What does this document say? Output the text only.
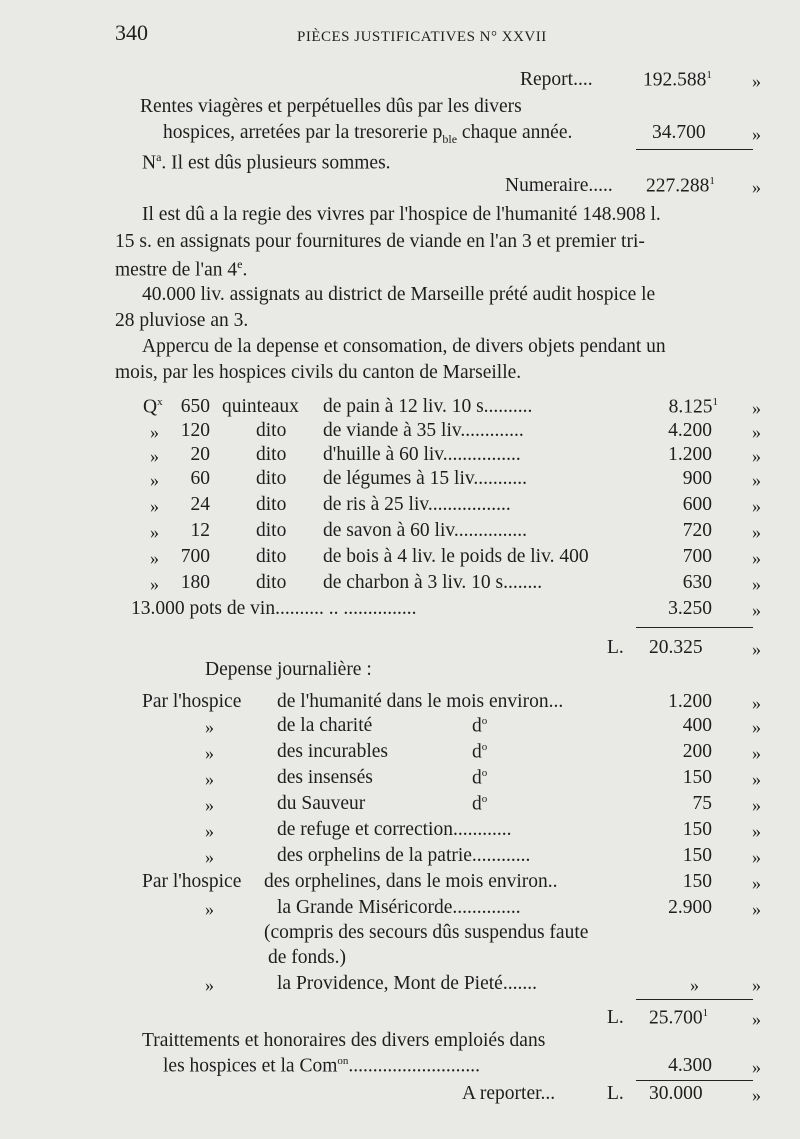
340	PIÈCES JUSTIFICATIVES N° XXVII
Report....	192.588$^1$ »
Rentes viagères et perpétuelles dûs par les divers
hospices, arretées par la tresorerie $p_{ble}$ chaque année.	34.700	»
$N^a$. Il est dûs plusieurs sommes.
Numeraire..... 227.288$^1$ »
Il est dû a la regie des vivres par l'hospice de l'humanité 148.908 l.
15 s. en assignats pour fournitures de viande en l'an 3 et premier tri-
mestre de l'an 4e.
40.000 liv. assignats au district de Marseille prété audit hospice le
28 pluviose an 3.
Appercu de la depense et consomation, de divers objets pendant un
mois, par les hospices civils du canton de Marseille.
$Q^x$ 650 quinteaux de pain à 12 liv. 10 s..........	8.125$^1$ »
»	120 dito de viande à 35 liv.............	4.200 »
»	20 dito d'huille à 60 liv................	1.200 »
»	60 dito de légumes à 15 liv...........	900 »
»	24 dito de ris à 25 liv.................	600 »
»	12 dito de savon à 60 liv...............	720 »
»	700 dito de bois à 4 liv. le poids de liv. 400	700 »
»	180 dito de charbon à 3 liv. 10 s........	630 »
13.000 pots de vin.......... .. ...............	3.250 »
L. 20.325	»
Depense journalière :
Par l'hospice de l'humanité dans le mois environ...	1.200 »
»	de la charité	$d^o$	400 »
»	des incurables	$d^o$	200 »
»	des insensés	$d^o$	150 »
»	du Sauveur	$d^o$	75 »
»	de refuge et correction............	150 »
»	des orphelins de la patrie............	150 »
Par l'hospice des orphelines, dans le mois environ..	150 »
»	la Grande Miséricorde..............	2.900 »
(compris des secours dûs suspendus faute
de fonds.)
»	la Providence, Mont de Pieté.......	»	»
L. 25.700$^1$ »
Traittements et honoraires des divers emploiés dans
les hospices et la Com$^{on}$...........................	4.300 »
A reporter...	L. 30.000	»
